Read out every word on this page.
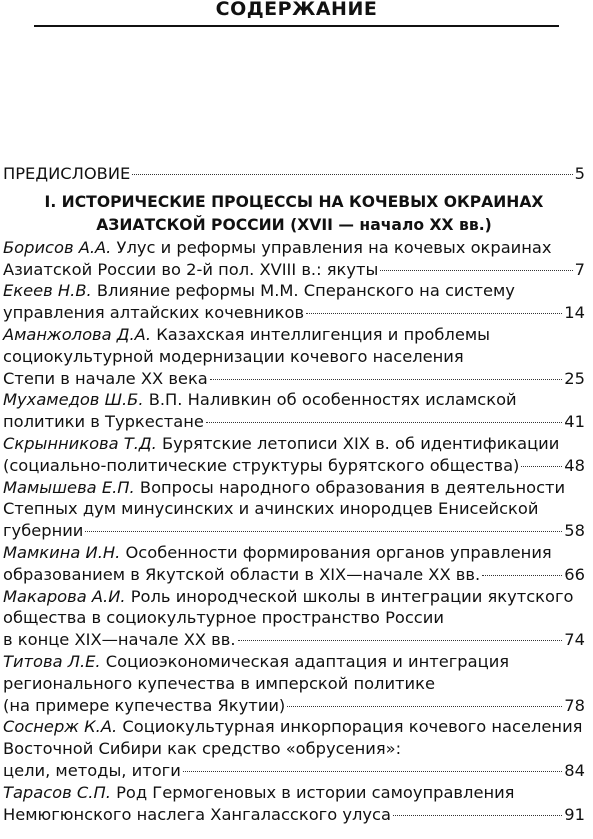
СОДЕРЖАНИЕ
ПРЕДИСЛОВИЕ	5
I. ИСТОРИЧЕСКИЕ ПРОЦЕССЫ НА КОЧЕВЫХ ОКРАИНАХ
АЗИАТСКОЙ РОССИИ (XVII — начало XX вв.)
Борисов А.А. Улус и реформы управления на кочевых окраинах
Азиатской России во 2-й пол. XVIII в.: якуты	7
Екеев Н.В. Влияние реформы М.М. Сперанского на систему
управления алтайских кочевников	14
Аманжолова Д.А. Казахская интеллигенция и проблемы
социокультурной модернизации кочевого населения
Степи в начале XX века	25
Мухамедов Ш.Б. В.П. Наливкин об особенностях исламской
политики в Туркестане	41
Скрынникова Т.Д. Бурятские летописи XIX в. об идентификации
(социально-политические структуры бурятского общества)	48
Мамышева Е.П. Вопросы народного образования в деятельности
Степных дум минусинских и ачинских инородцев Енисейской
губернии	58
Мамкина И.Н. Особенности формирования органов управления
образованием в Якутской области в XIX—начале XX вв.	66
Макарова А.И. Роль инородческой школы в интеграции якутского
общества в социокультурное пространство России
в конце XIX—начале XX вв.	74
Титова Л.Е. Социоэкономическая адаптация и интеграция
регионального купечества в имперской политике
(на примере купечества Якутии)	78
Соснерж К.А. Социокультурная инкорпорация кочевого населения
Восточной Сибири как средство «обрусения»:
цели, методы, итоги	84
Тарасов С.П. Род Гермогеновых в истории самоуправления
Немюгюнского наслега Хангаласского улуса	91
